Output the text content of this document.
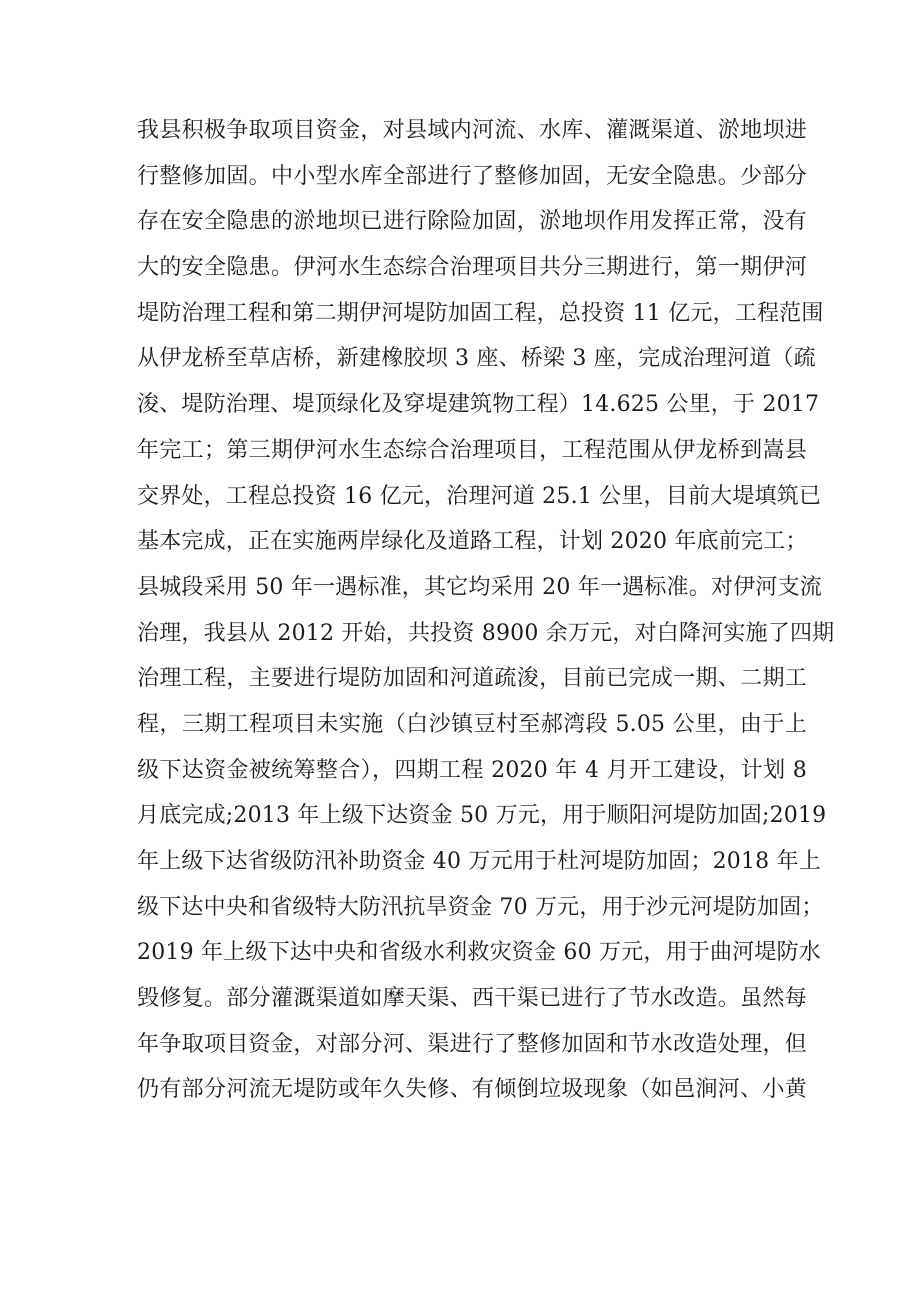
我县积极争取项目资金，对县域内河流、水库、灌溉渠道、淤地坝进
行整修加固。中小型水库全部进行了整修加固，无安全隐患。少部分
存在安全隐患的淤地坝已进行除险加固，淤地坝作用发挥正常，没有
大的安全隐患。伊河水生态综合治理项目共分三期进行，第一期伊河
堤防治理工程和第二期伊河堤防加固工程，总投资 11 亿元，工程范围
从伊龙桥至草店桥，新建橡胶坝 3 座、桥梁 3 座，完成治理河道（疏
浚、堤防治理、堤顶绿化及穿堤建筑物工程）14.625 公里，于 2017
年完工；第三期伊河水生态综合治理项目，工程范围从伊龙桥到嵩县
交界处，工程总投资 16 亿元，治理河道 25.1 公里，目前大堤填筑已
基本完成，正在实施两岸绿化及道路工程，计划 2020 年底前完工；
县城段采用 50 年一遇标准，其它均采用 20 年一遇标准。对伊河支流
治理，我县从 2012 开始，共投资 8900 余万元，对白降河实施了四期
治理工程，主要进行堤防加固和河道疏浚，目前已完成一期、二期工
程，三期工程项目未实施（白沙镇豆村至郝湾段 5.05 公里，由于上
级下达资金被统筹整合），四期工程 2020 年 4 月开工建设，计划 8
月底完成;2013 年上级下达资金 50 万元，用于顺阳河堤防加固;2019
年上级下达省级防汛补助资金 40 万元用于杜河堤防加固；2018 年上
级下达中央和省级特大防汛抗旱资金 70 万元，用于沙元河堤防加固；
2019 年上级下达中央和省级水利救灾资金 60 万元，用于曲河堤防水
毁修复。部分灌溉渠道如摩天渠、西干渠已进行了节水改造。虽然每
年争取项目资金，对部分河、渠进行了整修加固和节水改造处理，但
仍有部分河流无堤防或年久失修、有倾倒垃圾现象（如邑涧河、小黄
